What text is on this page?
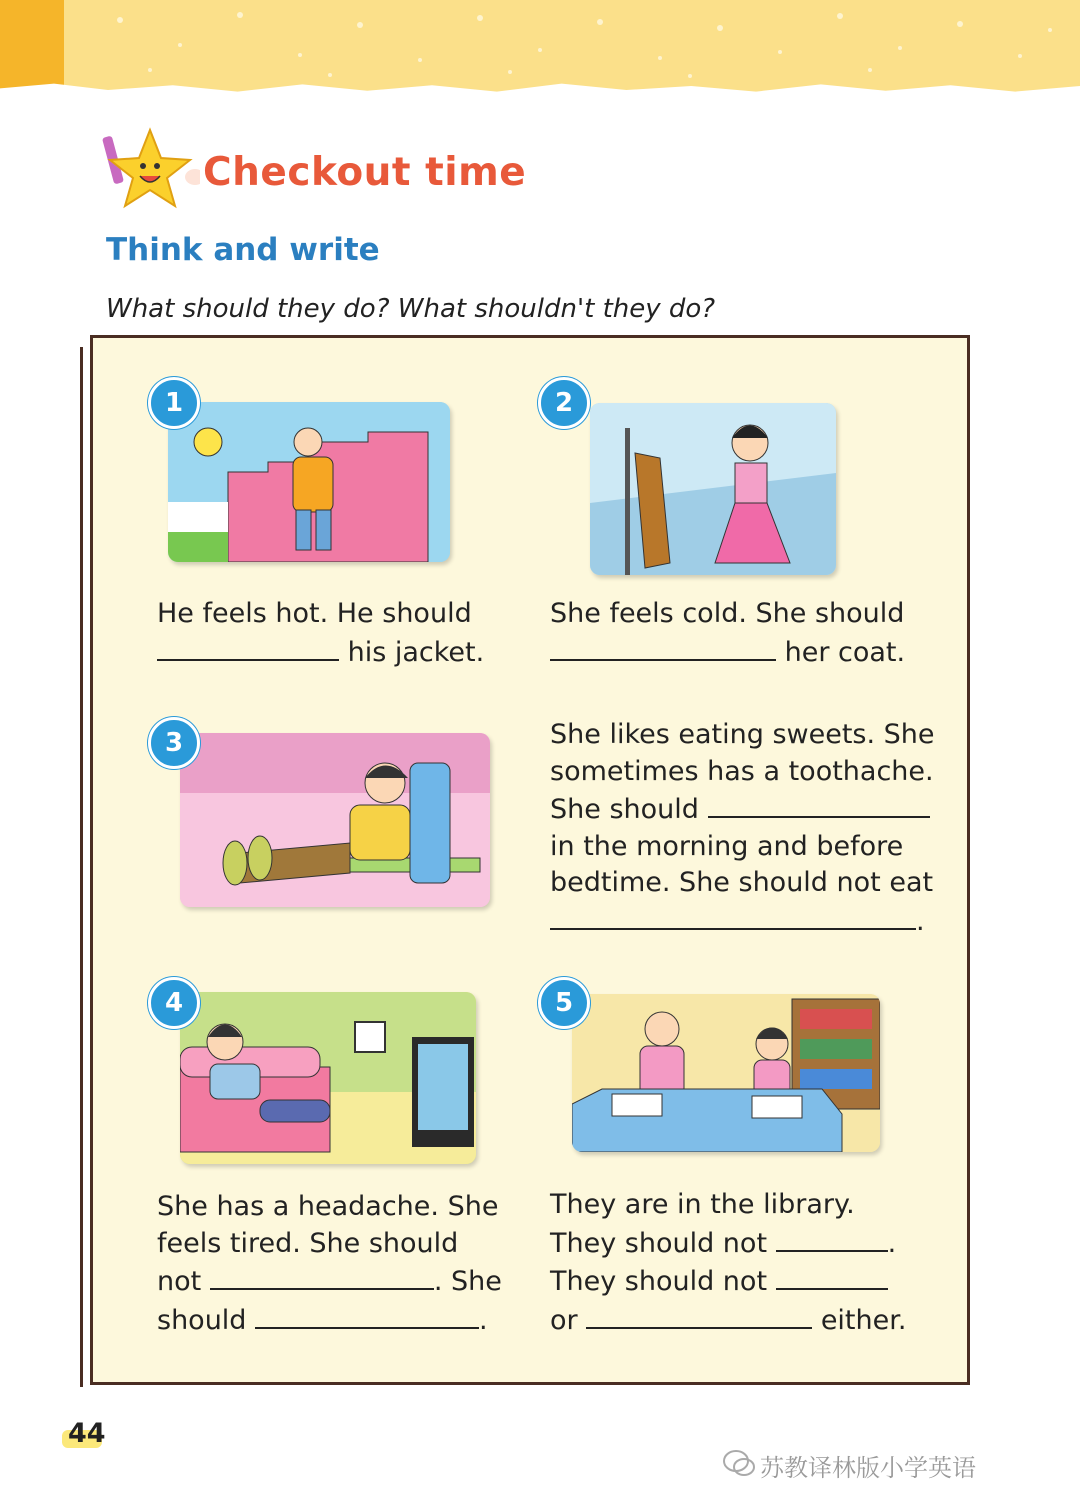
Checkout time
Think and write
What should they do? What shouldn't they do?
1
He feels hot. He should
his jacket.
2
She feels cold. She should
her coat.
3	She likes eating sweets. She
sometimes has a toothache.
She should
in the morning and before
bedtime. She should not eat
.
4
She has a headache. She
feels tired. She should
not	. She
should	.
5
They are in the library.
They should not	.
They should not
or	either.
44
苏教译林版小学英语
